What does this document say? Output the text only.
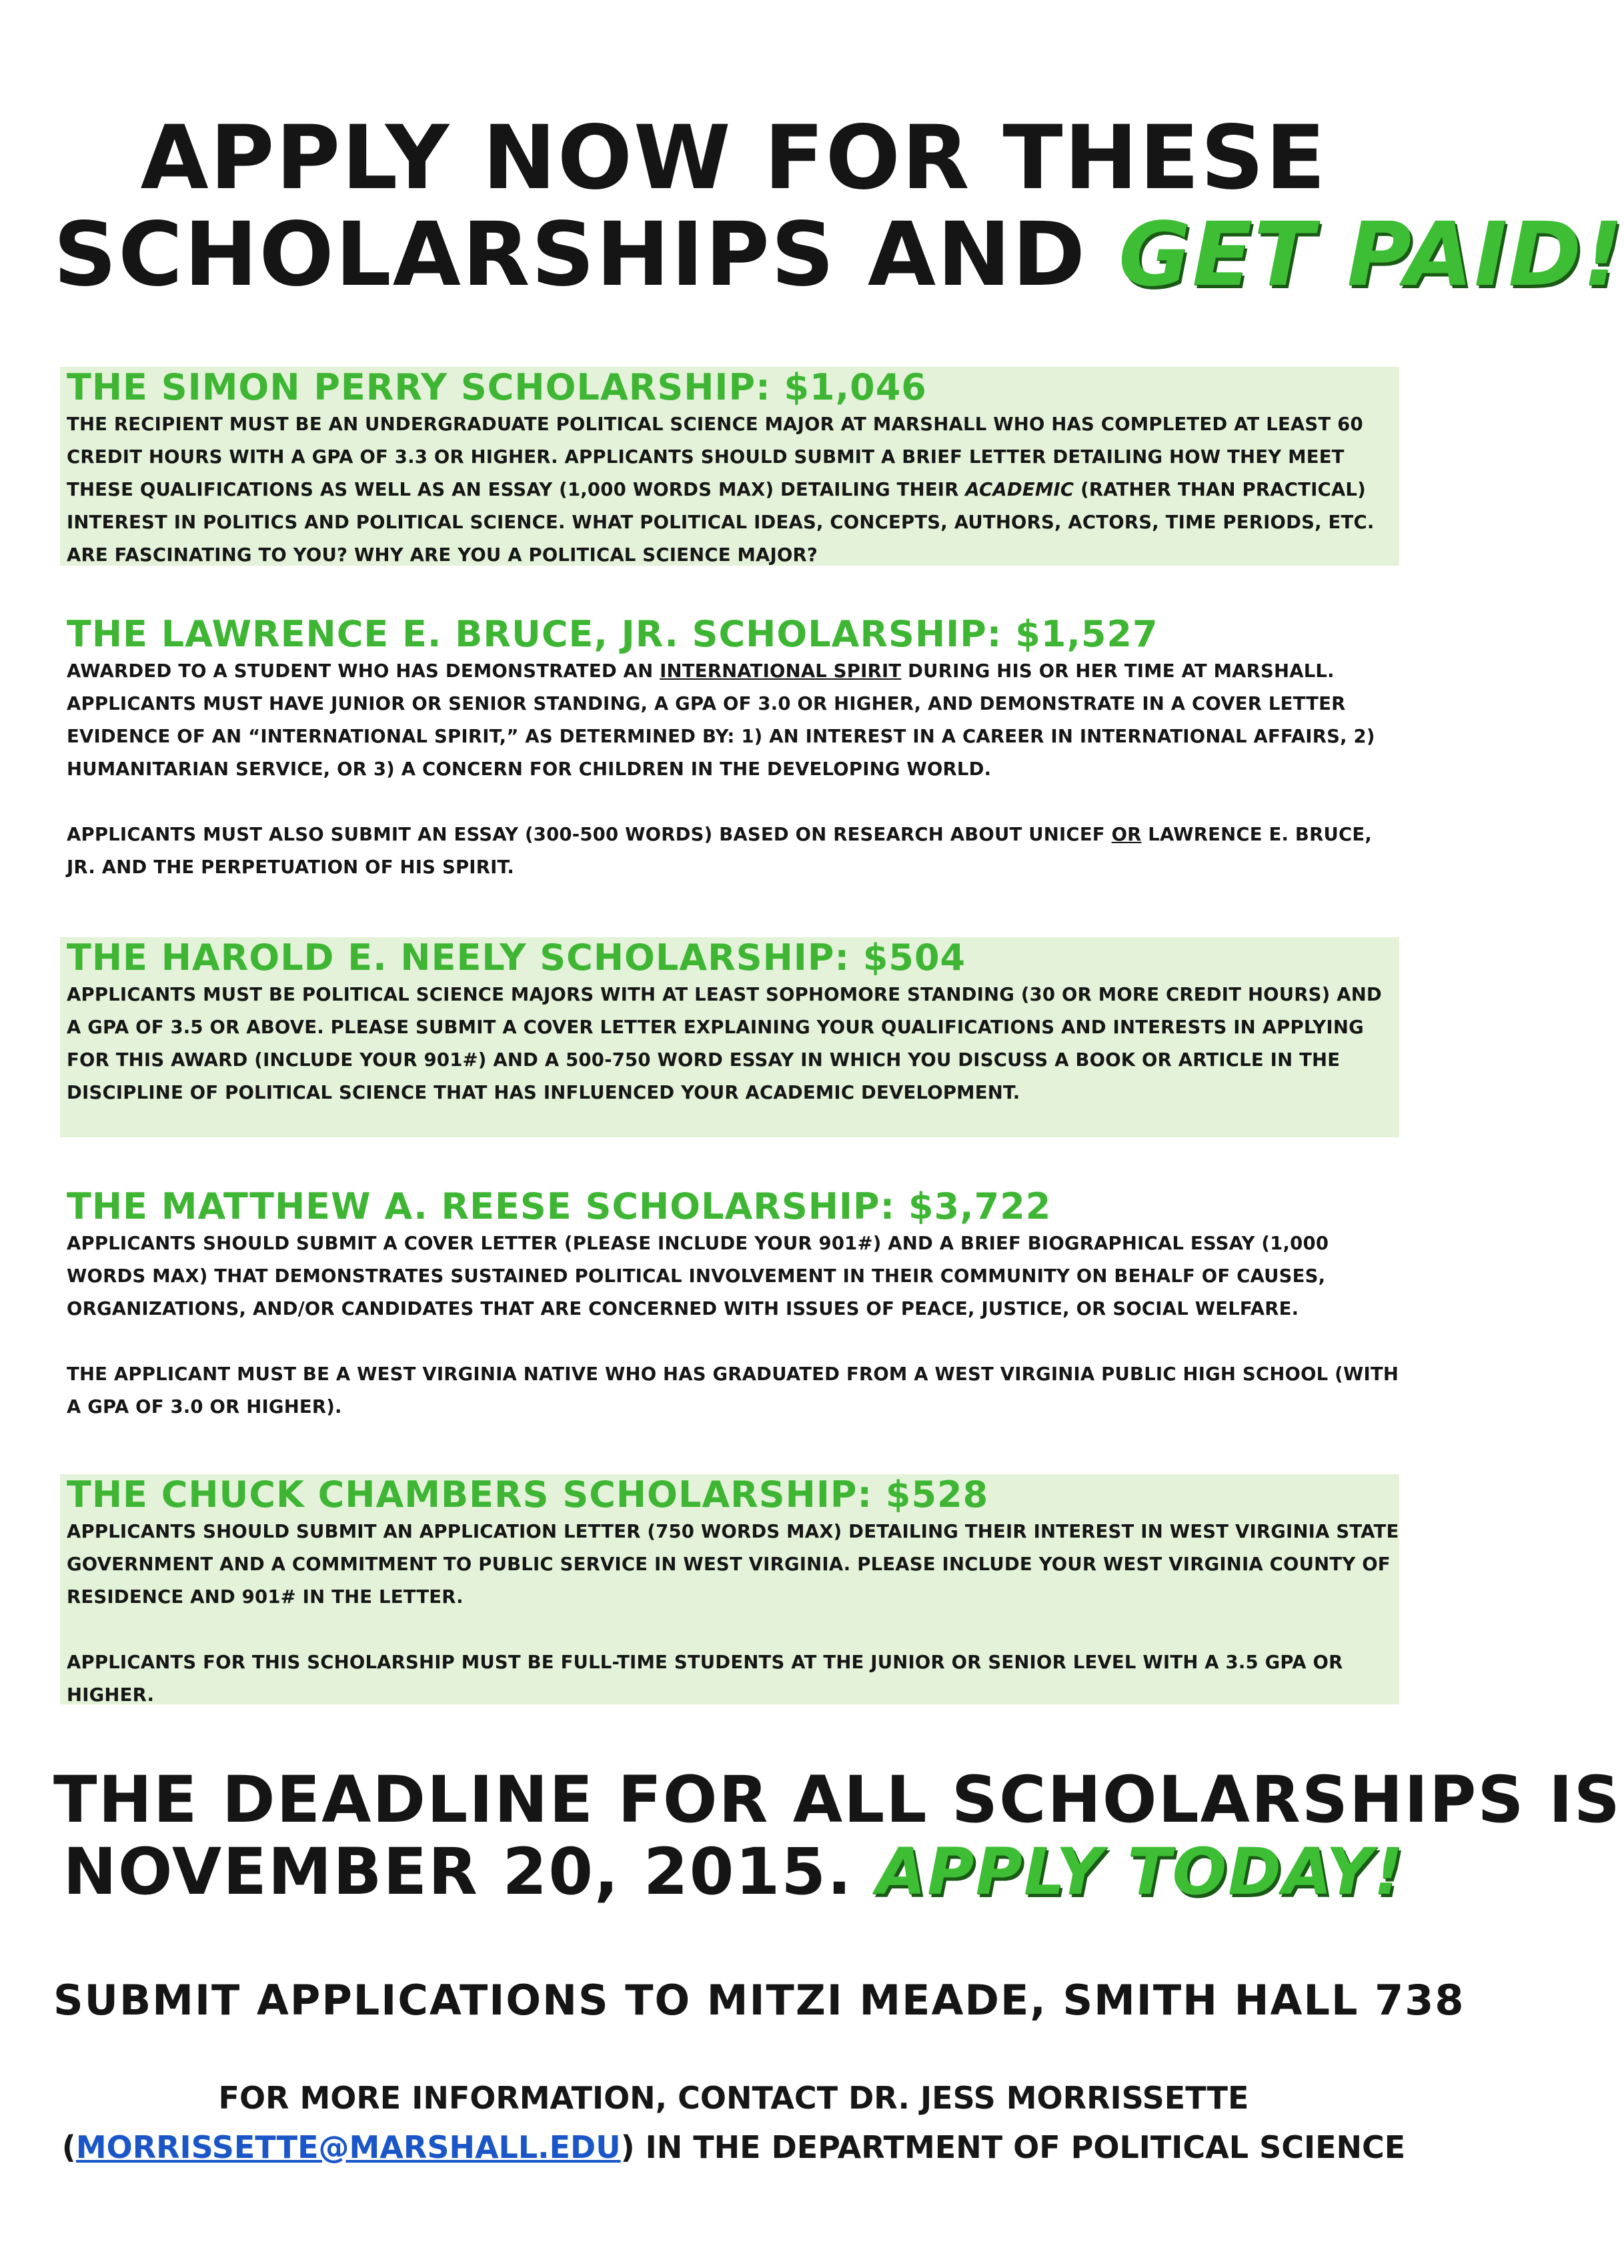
APPLY NOW FOR THESE
SCHOLARSHIPS AND GET PAID!
THE SIMON PERRY SCHOLARSHIP: $1,046

THE RECIPIENT MUST BE AN UNDERGRADUATE POLITICAL SCIENCE MAJOR AT MARSHALL WHO HAS COMPLETED AT LEAST 60 CREDIT HOURS WITH A GPA OF 3.3 OR HIGHER. APPLICANTS SHOULD SUBMIT A BRIEF LETTER DETAILING HOW THEY MEET THESE QUALIFICATIONS AS WELL AS AN ESSAY (1,000 WORDS MAX) DETAILING THEIR ACADEMIC (RATHER THAN PRACTICAL) INTEREST IN POLITICS AND POLITICAL SCIENCE. WHAT POLITICAL IDEAS, CONCEPTS, AUTHORS, ACTORS, TIME PERIODS, ETC. ARE FASCINATING TO YOU? WHY ARE YOU A POLITICAL SCIENCE MAJOR?

THE LAWRENCE E. BRUCE, JR. SCHOLARSHIP: $1,527

AWARDED TO A STUDENT WHO HAS DEMONSTRATED AN INTERNATIONAL SPIRIT DURING HIS OR HER TIME AT MARSHALL. APPLICANTS MUST HAVE JUNIOR OR SENIOR STANDING, A GPA OF 3.0 OR HIGHER, AND DEMONSTRATE IN A COVER LETTER EVIDENCE OF AN “INTERNATIONAL SPIRIT,” AS DETERMINED BY: 1) AN INTEREST IN A CAREER IN INTERNATIONAL AFFAIRS, 2) HUMANITARIAN SERVICE, OR 3) A CONCERN FOR CHILDREN IN THE DEVELOPING WORLD.

APPLICANTS MUST ALSO SUBMIT AN ESSAY (300-500 WORDS) BASED ON RESEARCH ABOUT UNICEF OR LAWRENCE E. BRUCE, JR. AND THE PERPETUATION OF HIS SPIRIT.

THE HAROLD E. NEELY SCHOLARSHIP: $504

APPLICANTS MUST BE POLITICAL SCIENCE MAJORS WITH AT LEAST SOPHOMORE STANDING (30 OR MORE CREDIT HOURS) AND A GPA OF 3.5 OR ABOVE. PLEASE SUBMIT A COVER LETTER EXPLAINING YOUR QUALIFICATIONS AND INTERESTS IN APPLYING FOR THIS AWARD (INCLUDE YOUR 901#) AND A 500-750 WORD ESSAY IN WHICH YOU DISCUSS A BOOK OR ARTICLE IN THE DISCIPLINE OF POLITICAL SCIENCE THAT HAS INFLUENCED YOUR ACADEMIC DEVELOPMENT.

THE MATTHEW A. REESE SCHOLARSHIP: $3,722

APPLICANTS SHOULD SUBMIT A COVER LETTER (PLEASE INCLUDE YOUR 901#) AND A BRIEF BIOGRAPHICAL ESSAY (1,000 WORDS MAX) THAT DEMONSTRATES SUSTAINED POLITICAL INVOLVEMENT IN THEIR COMMUNITY ON BEHALF OF CAUSES, ORGANIZATIONS, AND/OR CANDIDATES THAT ARE CONCERNED WITH ISSUES OF PEACE, JUSTICE, OR SOCIAL WELFARE.

THE APPLICANT MUST BE A WEST VIRGINIA NATIVE WHO HAS GRADUATED FROM A WEST VIRGINIA PUBLIC HIGH SCHOOL (WITH A GPA OF 3.0 OR HIGHER).

THE CHUCK CHAMBERS SCHOLARSHIP: $528

APPLICANTS SHOULD SUBMIT AN APPLICATION LETTER (750 WORDS MAX) DETAILING THEIR INTEREST IN WEST VIRGINIA STATE GOVERNMENT AND A COMMITMENT TO PUBLIC SERVICE IN WEST VIRGINIA. PLEASE INCLUDE YOUR WEST VIRGINIA COUNTY OF RESIDENCE AND 901# IN THE LETTER.

APPLICANTS FOR THIS SCHOLARSHIP MUST BE FULL-TIME STUDENTS AT THE JUNIOR OR SENIOR LEVEL WITH A 3.5 GPA OR HIGHER.

THE DEADLINE FOR ALL SCHOLARSHIPS IS
NOVEMBER 20, 2015. APPLY TODAY!
SUBMIT APPLICATIONS TO MITZI MEADE, SMITH HALL 738
FOR MORE INFORMATION, CONTACT DR. JESS MORRISSETTE
(MORRISSETTE@MARSHALL.EDU) IN THE DEPARTMENT OF POLITICAL SCIENCE
